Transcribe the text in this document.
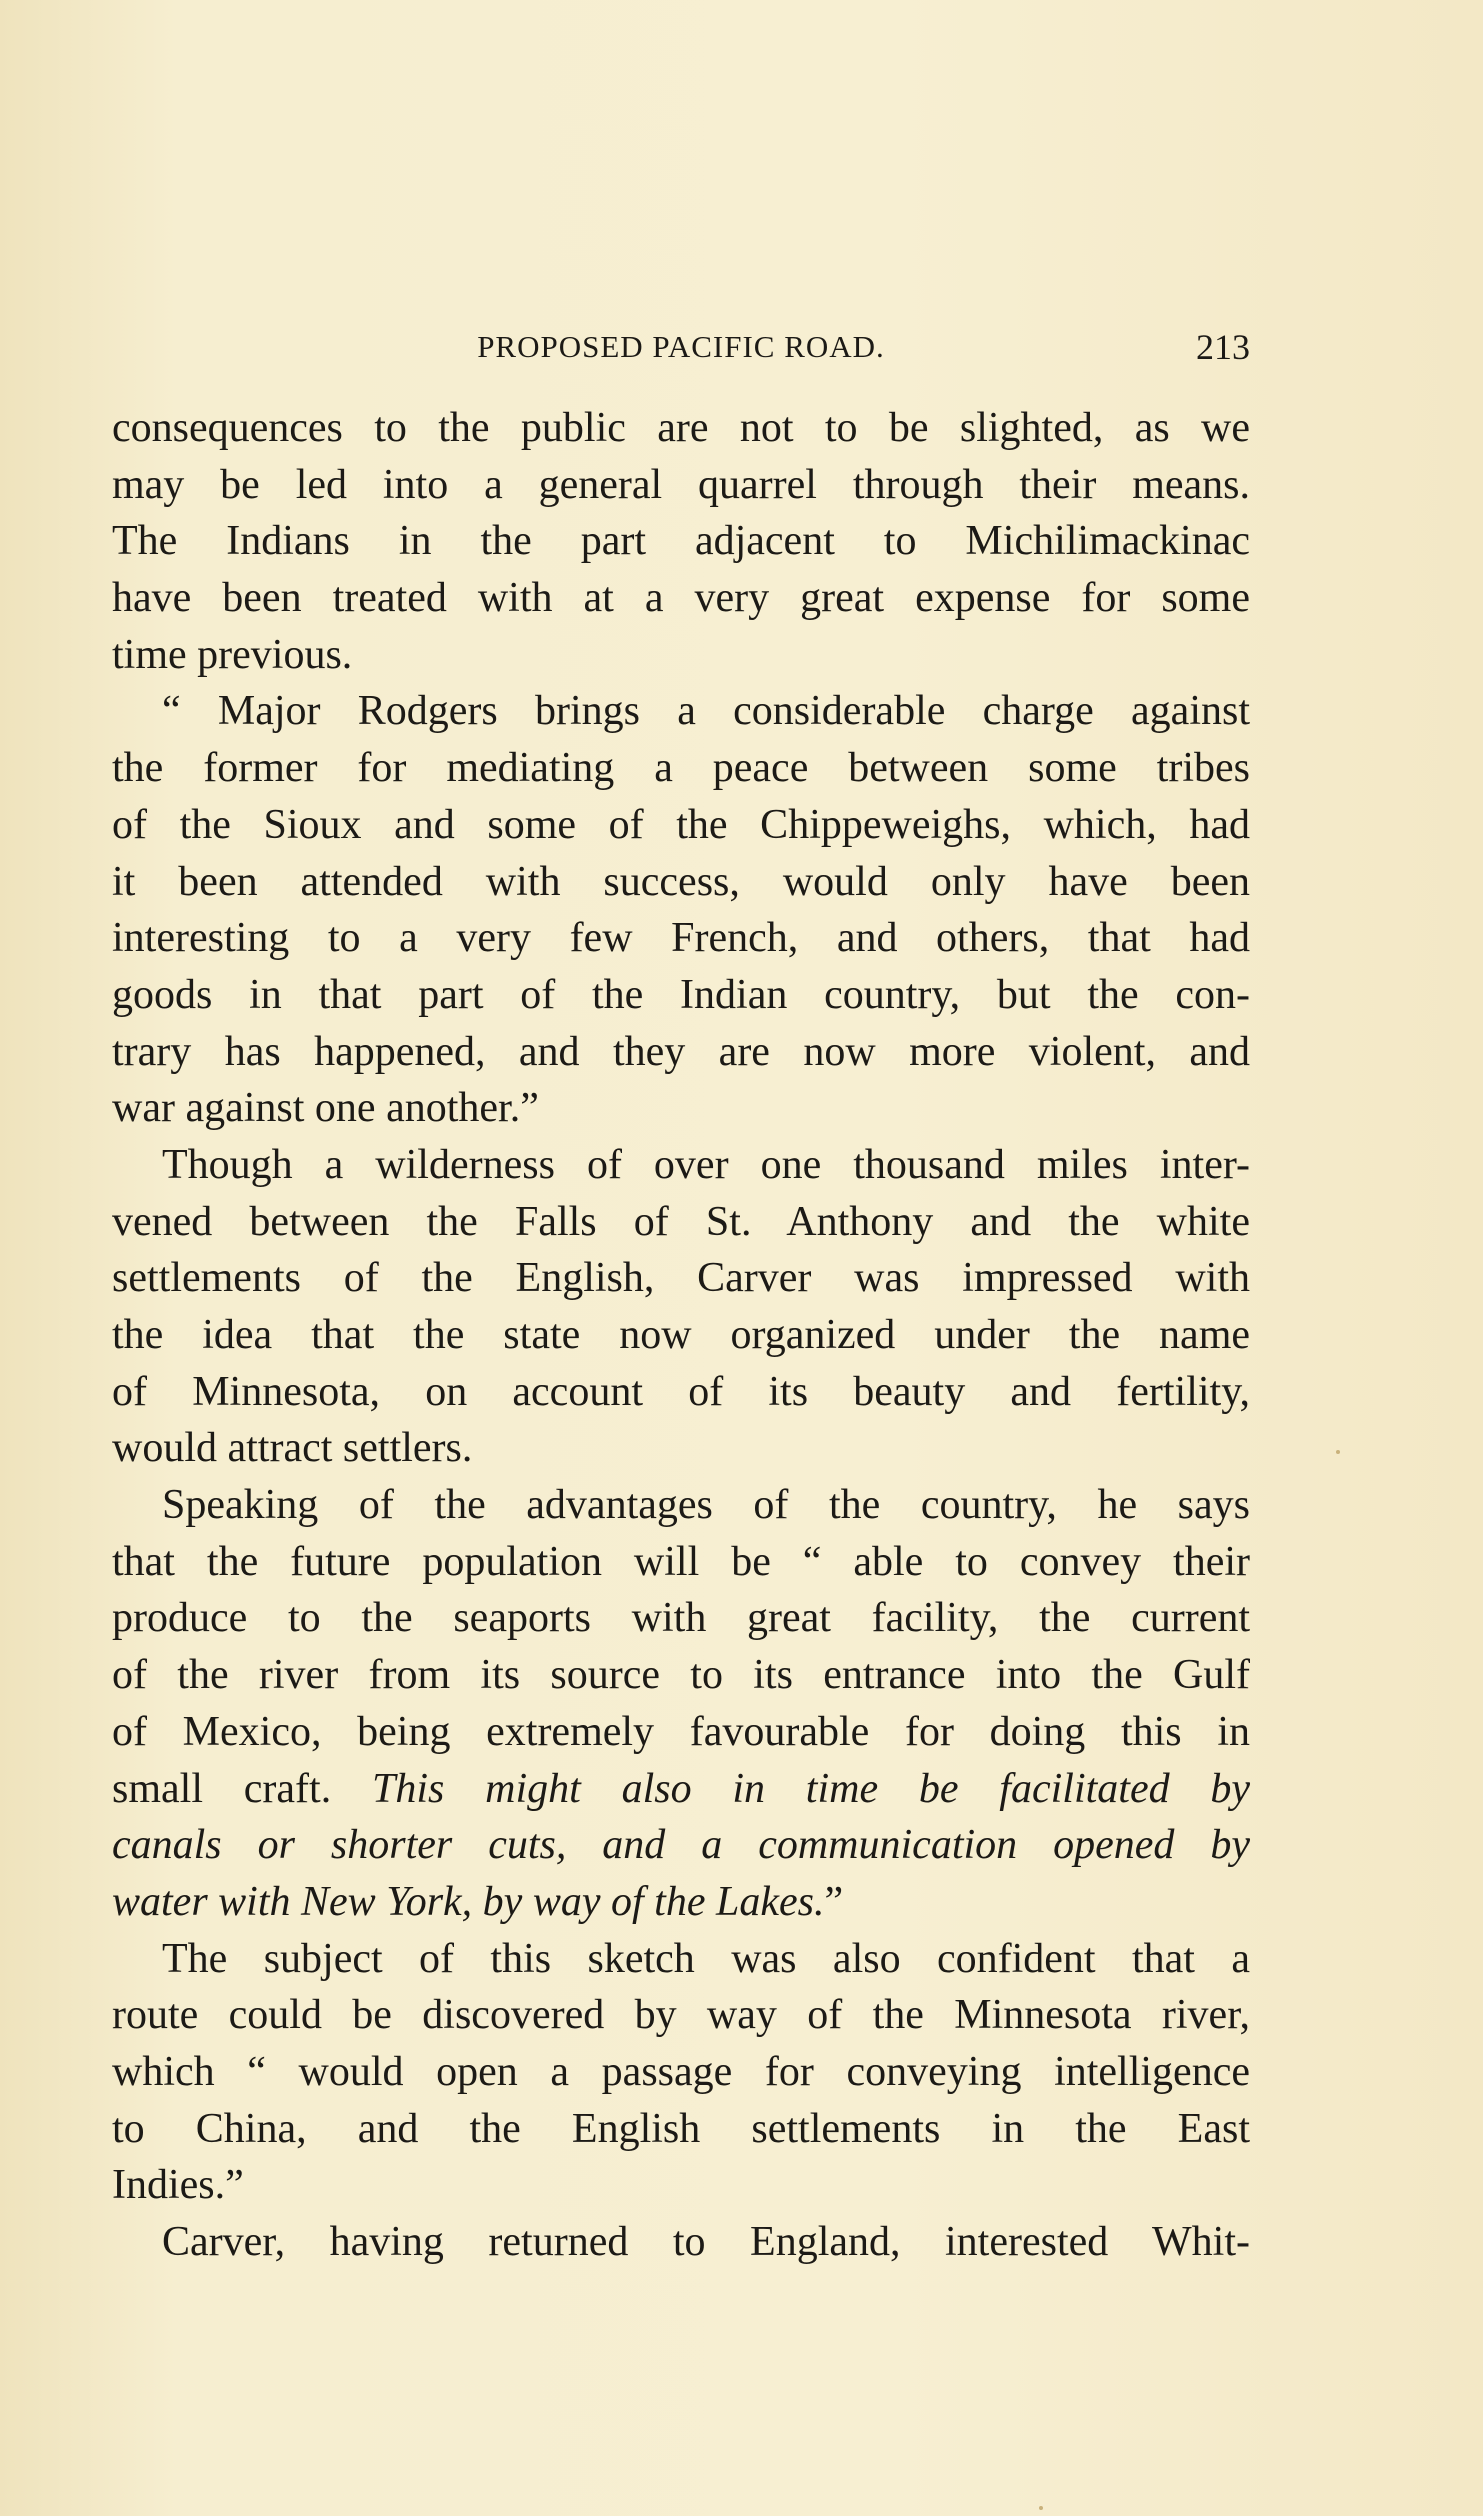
PROPOSED PACIFIC ROAD.	213
consequences to the public are not to be slighted, as we
may be led into a general quarrel through their means.
The Indians in the part adjacent to Michilimackinac
have been treated with at a very great expense for some
time previous.
“ Major Rodgers brings a considerable charge against
the former for mediating a peace between some tribes
of the Sioux and some of the Chippeweighs, which, had
it been attended with success, would only have been
interesting to a very few French, and others, that had
goods in that part of the Indian country, but the con-
trary has happened, and they are now more violent, and
war against one another.”
Though a wilderness of over one thousand miles inter-
vened between the Falls of St. Anthony and the white
settlements of the English, Carver was impressed with
the idea that the state now organized under the name
of Minnesota, on account of its beauty and fertility,
would attract settlers.
Speaking of the advantages of the country, he says
that the future population will be “ able to convey their
produce to the seaports with great facility, the current
of the river from its source to its entrance into the Gulf
of Mexico, being extremely favourable for doing this in
small craft. This might also in time be facilitated by
canals or shorter cuts, and a communication opened by
water with New York, by way of the Lakes.”
The subject of this sketch was also confident that a
route could be discovered by way of the Minnesota river,
which “ would open a passage for conveying intelligence
to China, and the English settlements in the East
Indies.”
Carver, having returned to England, interested Whit-
